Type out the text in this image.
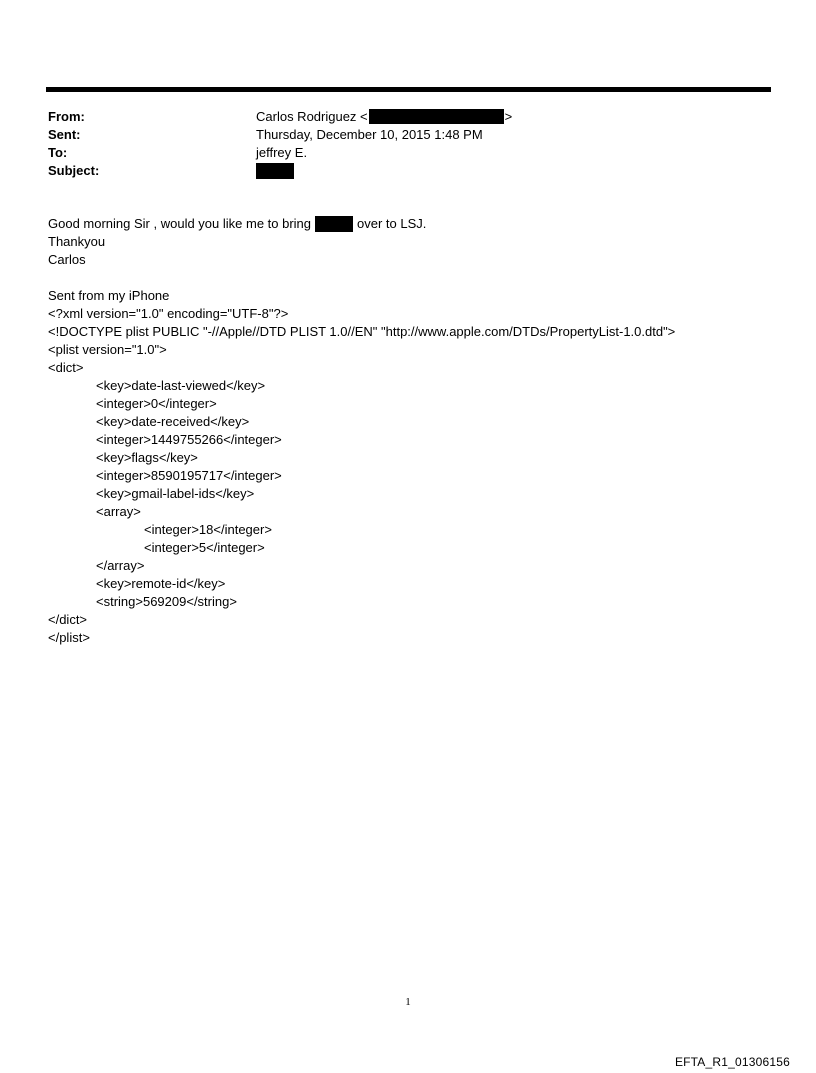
From:	Carlos Rodriguez <	>
Sent:	Thursday, December 10, 2015 1:48 PM
To:	jeffrey E.
Subject:
Good morning Sir , would you like me to bring	over to LSJ.
Thankyou
Carlos
Sent from my iPhone
<?xml version="1.0" encoding="UTF-8"?>
<!DOCTYPE plist PUBLIC "-//Apple//DTD PLIST 1.0//EN" "http://www.apple.com/DTDs/PropertyList-1.0.dtd">
<plist version="1.0">
<dict>
<key>date-last-viewed</key>
<integer>0</integer>
<key>date-received</key>
<integer>1449755266</integer>
<key>flags</key>
<integer>8590195717</integer>
<key>gmail-label-ids</key>
<array>
<integer>18</integer>
<integer>5</integer>
</array>
<key>remote-id</key>
<string>569209</string>
</dict>
</plist>
1
EFTA_R1_01306156
